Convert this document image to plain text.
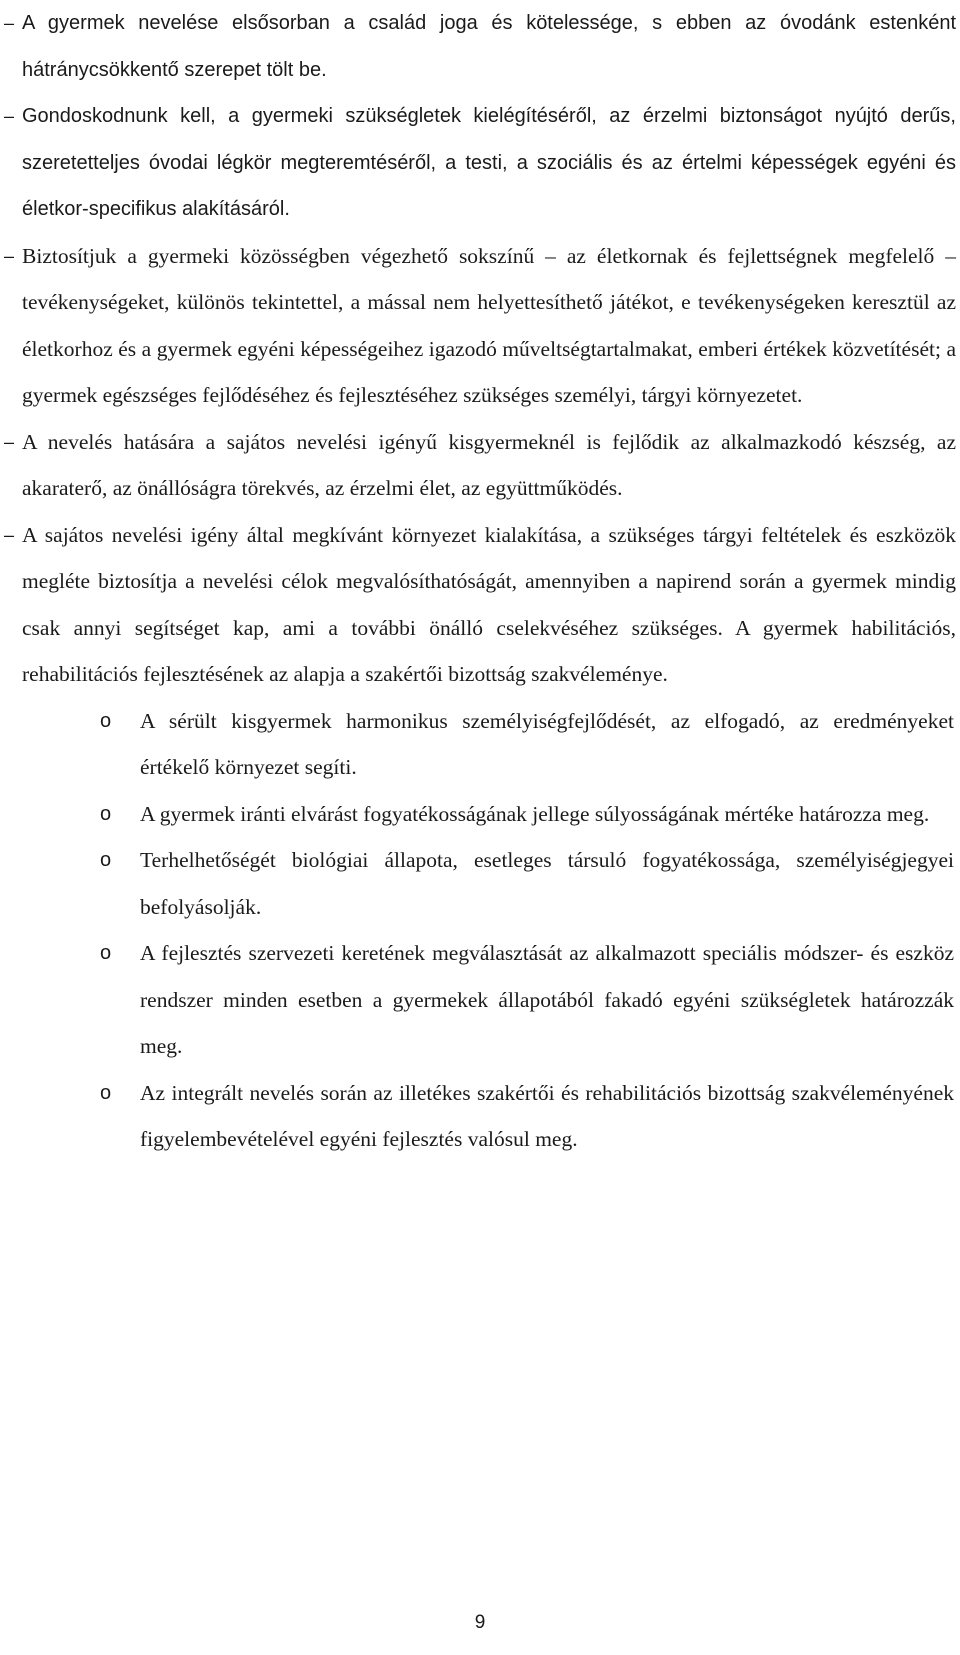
– A gyermek nevelése elsősorban a család joga és kötelessége, s ebben az óvodánk estenként hátránycsökkentő szerepet tölt be.
– Gondoskodnunk kell, a gyermeki szükségletek kielégítéséről, az érzelmi biztonságot nyújtó derűs, szeretetteljes óvodai légkör megteremtéséről, a testi, a szociális és az értelmi képességek egyéni és életkor-specifikus alakításáról.
– Biztosítjuk a gyermeki közösségben végezhető sokszínű – az életkornak és fejlettségnek megfelelő – tevékenységeket, különös tekintettel, a mással nem helyettesíthető játékot, e tevékenységeken keresztül az életkorhoz és a gyermek egyéni képességeihez igazodó műveltségtartalmakat, emberi értékek közvetítését; a gyermek egészséges fejlődéséhez és fejlesztéséhez szükséges személyi, tárgyi környezetet.
– A nevelés hatására a sajátos nevelési igényű kisgyermeknél is fejlődik az alkalmazkodó készség, az akaraterő, az önállóságra törekvés, az érzelmi élet, az együttműködés.
– A sajátos nevelési igény által megkívánt környezet kialakítása, a szükséges tárgyi feltételek és eszközök megléte biztosítja a nevelési célok megvalósíthatóságát, amennyiben a napirend során a gyermek mindig csak annyi segítséget kap, ami a további önálló cselekvéséhez szükséges. A gyermek habilitációs, rehabilitációs fejlesztésének az alapja a szakértői bizottság szakvéleménye.
o A sérült kisgyermek harmonikus személyiségfejlődését, az elfogadó, az eredményeket értékelő környezet segíti.
o A gyermek iránti elvárást fogyatékosságának jellege súlyosságának mértéke határozza meg.
o Terhelhetőségét biológiai állapota, esetleges társuló fogyatékossága, személyiségjegyei befolyásolják.
o A fejlesztés szervezeti keretének megválasztását az alkalmazott speciális módszer- és eszköz rendszer minden esetben a gyermekek állapotából fakadó egyéni szükségletek határozzák meg.
o Az integrált nevelés során az illetékes szakértői és rehabilitációs bizottság szakvéleményének figyelembevételével egyéni fejlesztés valósul meg.
9
